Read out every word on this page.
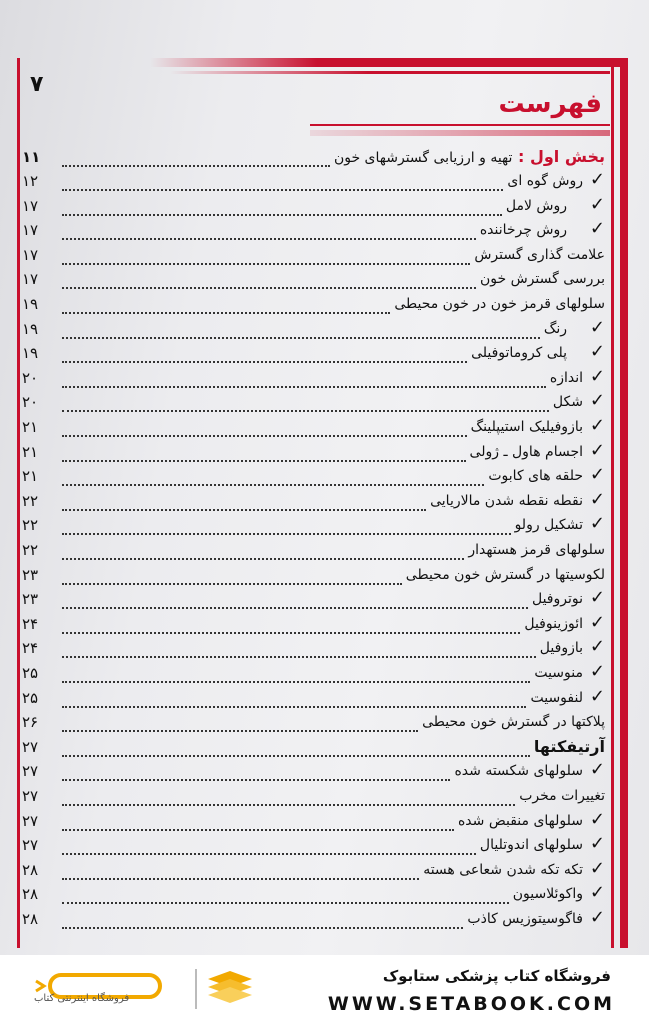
۷
فهرست
بخش اول : تهیه و ارزیابی گسترشهای خون
۱۱
✓
روش گوه ای
۱۲
✓
روش لامل
۱۷
✓
روش چرخاننده
۱۷
علامت گذاری گسترش
۱۷
بررسی گسترش خون
۱۷
سلولهای قرمز خون در خون محیطی
۱۹
✓
رنگ
۱۹
✓
پلی کروماتوفیلی
۱۹
✓
اندازه
۲۰
✓
شکل
۲۰
✓
بازوفیلیک استیپلینگ
۲۱
✓
اجسام هاول ـ ژولی
۲۱
✓
حلقه های کابوت
۲۱
✓
نقطه نقطه شدن مالاریایی
۲۲
✓
تشکیل رولو
۲۲
سلولهای قرمز هستهدار
۲۲
لکوسیتها در گسترش خون محیطی
۲۳
✓
نوتروفیل
۲۳
✓
ائوزینوفیل
۲۴
✓
بازوفیل
۲۴
✓
منوسیت
۲۵
✓
لنفوسیت
۲۵
پلاکتها در گسترش خون محیطی
۲۶
آرتیفکتها
۲۷
✓
سلولهای شکسته شده
۲۷
تغییرات مخرب
۲۷
✓
سلولهای منقبض شده
۲۷
✓
سلولهای اندوتلیال
۲۷
✓
تکه تکه شدن شعاعی هسته
۲۸
✓
واکوئلاسیون
۲۸
✓
فاگوسیتوزیس کاذب
۲۸
فروشگاه اینترنتی کتاب
فروشگاه کتاب پزشکی ستابوک
WWW.SETABOOK.COM
